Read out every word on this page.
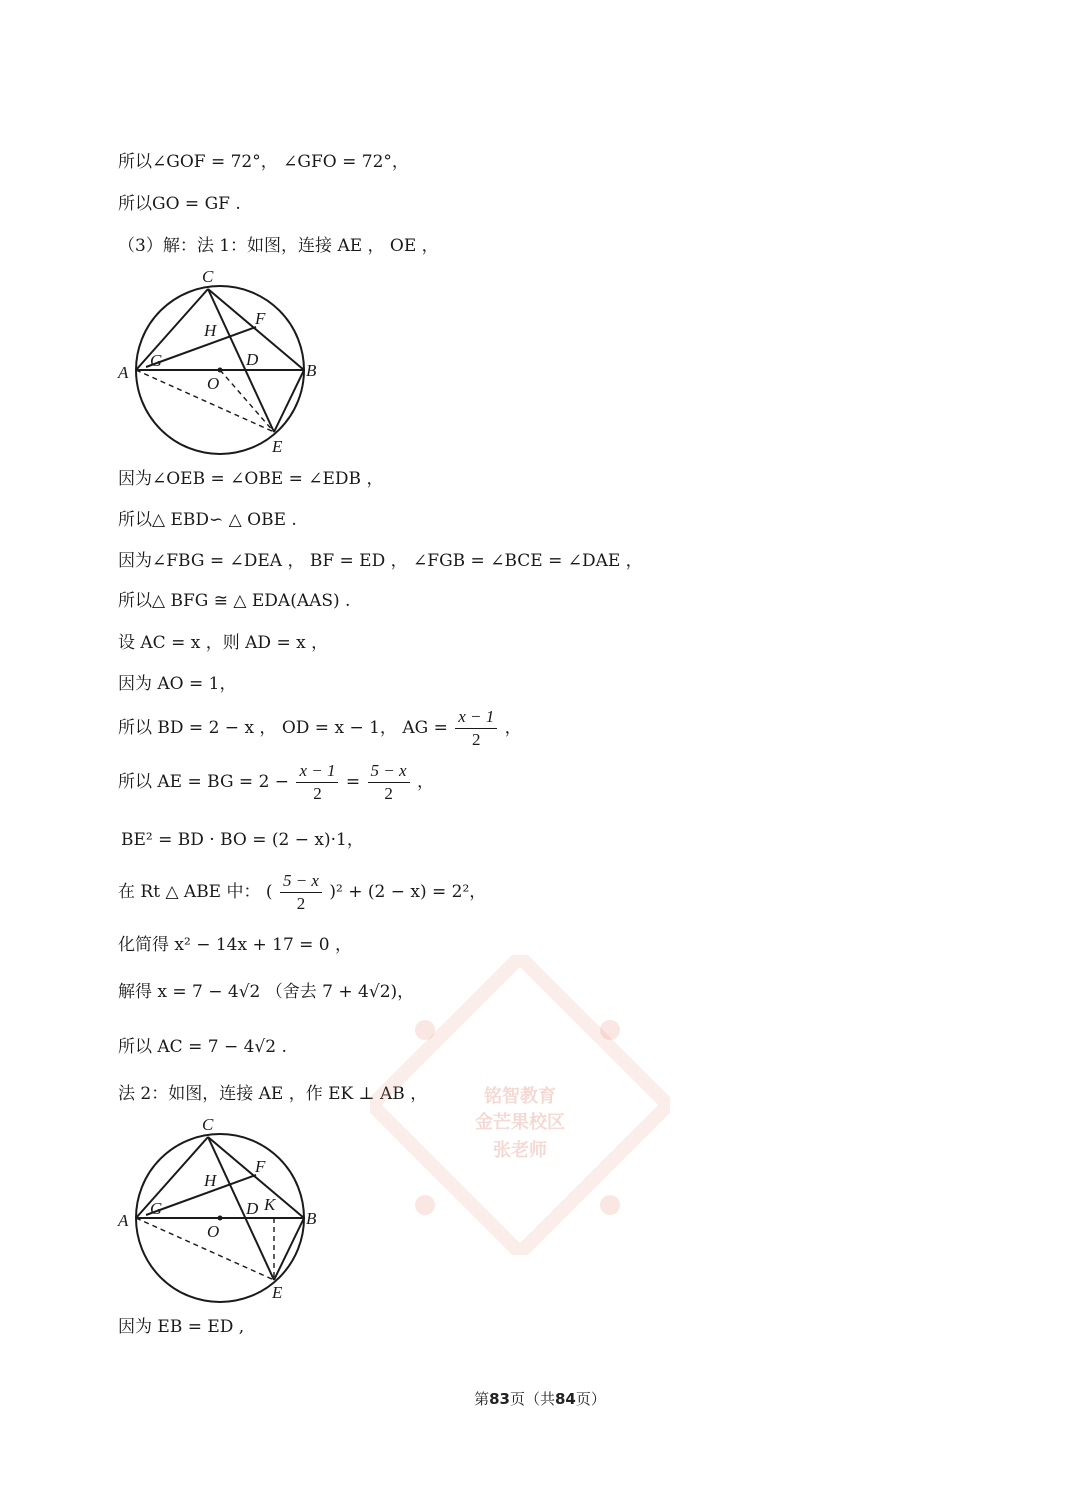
所以∠GOF = 72°， ∠GFO = 72°，
所以GO = GF .
（3）解：法 1：如图，连接 AE ， OE ，
C
H
F
A
G	D
B
O
E
因为∠OEB = ∠OBE = ∠EDB ，
所以△ EBD∽ △ OBE .
因为∠FBG = ∠DEA ， BF = ED ， ∠FGB = ∠BCE = ∠DAE ，
所以△ BFG ≅ △ EDA(AAS) .
设 AC = x ，则 AD = x ，
因为 AO = 1，
所以 BD = 2 − x ， OD = x − 1， AG = $\frac{x - 1}{2}$ ，
所以 AE = BG = $2 - \frac{x - 1}{2} = \frac{5 - x}{2}$ ，
BE² = BD · BO = (2 − x)·1，
在 Rt △ ABE 中： ( $\frac{5 - x}{2} )^2 + (2 - x) = 2^2$，
化简得 x² − 14x + 17 = 0 ，
解得 x = 7 − 4√2 （舍去 7 + 4√2)，
所以 AC = 7 − 4√2 .
法 2：如图，连接 AE ，作 EK ⊥ AB ，
C
H
F
A
G	D K
B
O
E
因为 EB = ED ,
铭智教育
金芒果校区
张老师
第83页（共84页）
